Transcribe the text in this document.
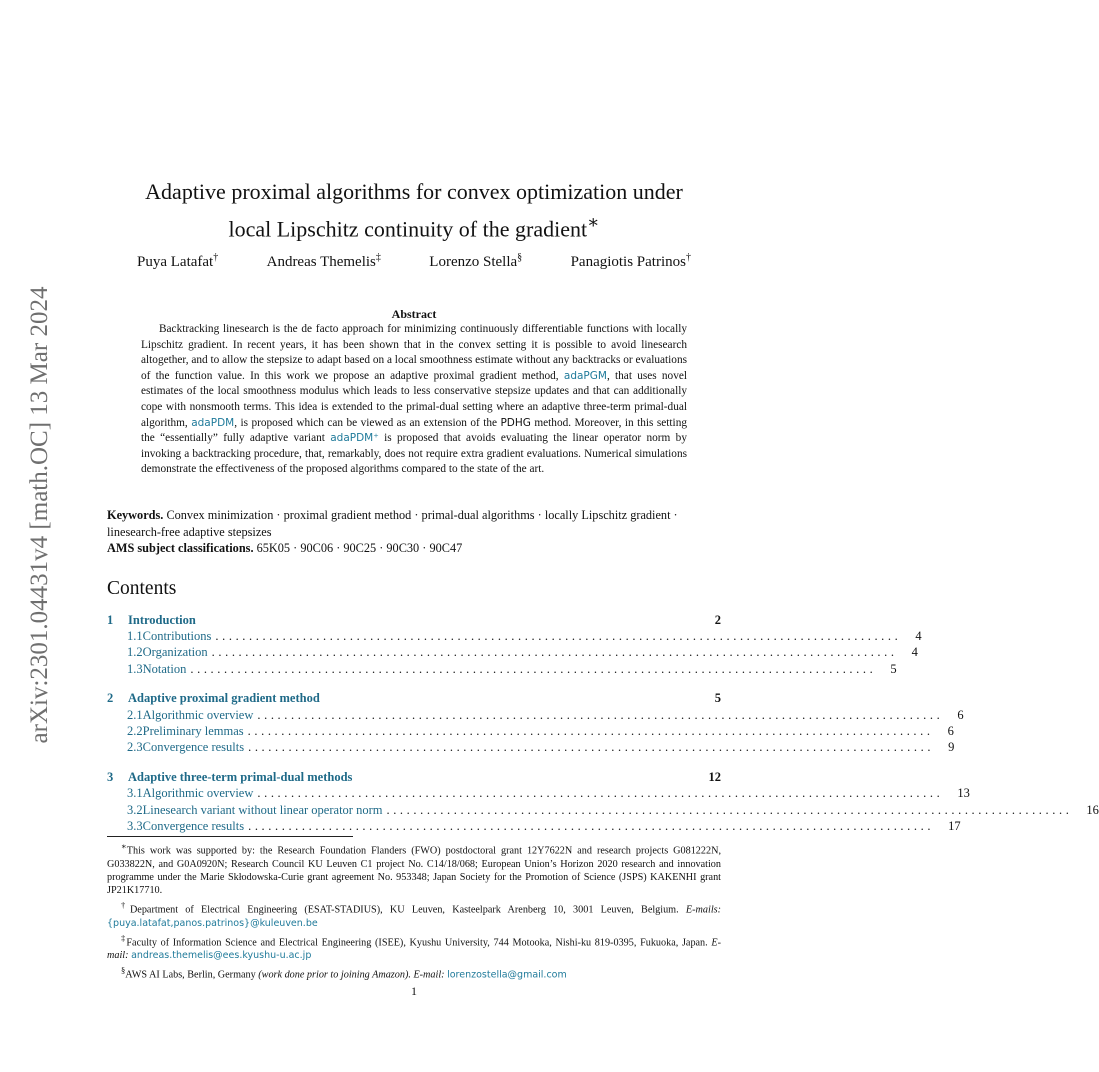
arXiv:2301.04431v4 [math.OC] 13 Mar 2024
Adaptive proximal algorithms for convex optimization under
local Lipschitz continuity of the gradient∗
Puya Latafat†	Andreas Themelis‡	Lorenzo Stella§	Panagiotis Patrinos†
Abstract
Backtracking linesearch is the de facto approach for minimizing continuously differentiable functions with locally Lipschitz gradient. In recent years, it has been shown that in the convex setting it is possible to avoid linesearch altogether, and to allow the stepsize to adapt based on a local smoothness estimate without any backtracks or evaluations of the function value. In this work we propose an adaptive proximal gradient method, adaPGM, that uses novel estimates of the local smoothness modulus which leads to less conservative stepsize updates and that can additionally cope with nonsmooth terms. This idea is extended to the primal-dual setting where an adaptive three-term primal-dual algorithm, adaPDM, is proposed which can be viewed as an extension of the PDHG method. Moreover, in this setting the “essentially” fully adaptive variant adaPDM⁺ is proposed that avoids evaluating the linear operator norm by invoking a backtracking procedure, that, remarkably, does not require extra gradient evaluations. Numerical simulations demonstrate the effectiveness of the proposed algorithms compared to the state of the art.
Keywords. Convex minimization · proximal gradient method · primal-dual algorithms · locally Lipschitz gradient · linesearch-free adaptive stepsizes
AMS subject classifications. 65K05 · 90C06 · 90C25 · 90C30 · 90C47
Contents
1	Introduction	2
1.1 Contributions ...................................................................................................... 4
1.2 Organization ...................................................................................................... 4
1.3 Notation ...................................................................................................... 5
2	Adaptive proximal gradient method	5
2.1 Algorithmic overview ...................................................................................................... 6
2.2 Preliminary lemmas ...................................................................................................... 6
2.3 Convergence results ...................................................................................................... 9
3	Adaptive three-term primal-dual methods	12
3.1 Algorithmic overview ...................................................................................................... 13
3.2 Linesearch variant without linear operator norm ...................................................................................................... 16
3.3 Convergence results ...................................................................................................... 17

∗This work was supported by: the Research Foundation Flanders (FWO) postdoctoral grant 12Y7622N and research projects G081222N, G033822N, and G0A0920N; Research Council KU Leuven C1 project No. C14/18/068; European Union’s Horizon 2020 research and innovation programme under the Marie Skłodowska-Curie grant agreement No. 953348; Japan Society for the Promotion of Science (JSPS) KAKENHI grant JP21K17710.

†Department of Electrical Engineering (ESAT-STADIUS), KU Leuven, Kasteelpark Arenberg 10, 3001 Leuven, Belgium. E-mails: {puya.latafat,panos.patrinos}@kuleuven.be

‡Faculty of Information Science and Electrical Engineering (ISEE), Kyushu University, 744 Motooka, Nishi-ku 819-0395, Fukuoka, Japan. E-mail: andreas.themelis@ees.kyushu-u.ac.jp

§AWS AI Labs, Berlin, Germany (work done prior to joining Amazon). E-mail: lorenzostella@gmail.com

1
